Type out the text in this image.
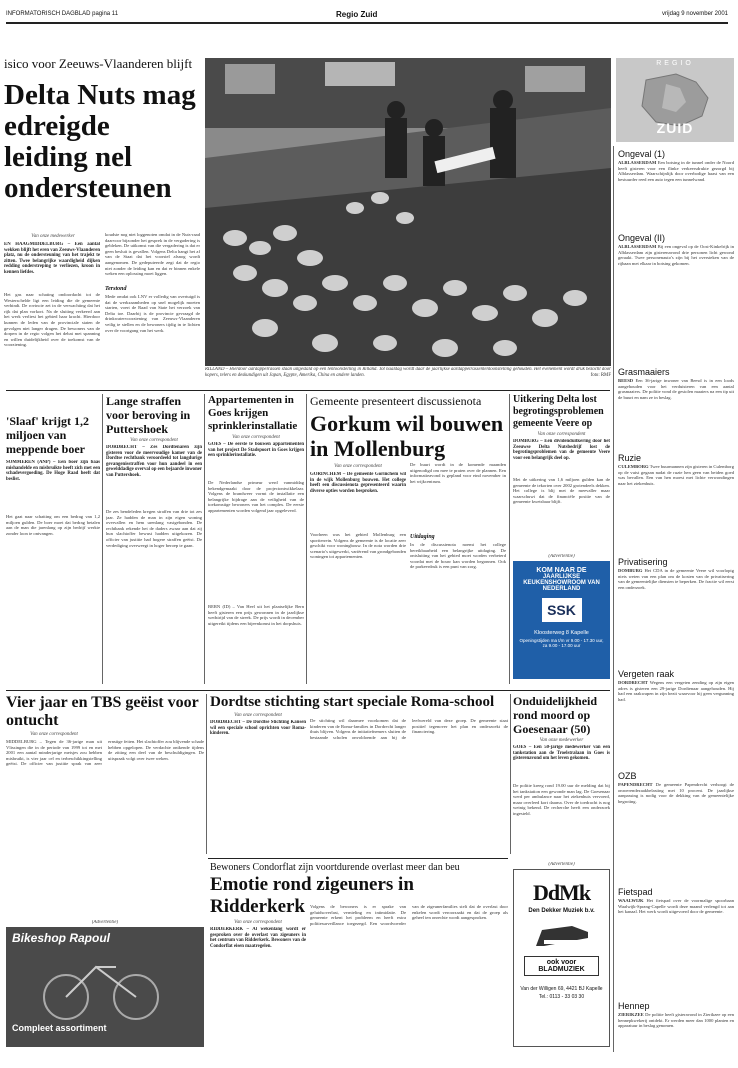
INFORMATORISCH DAGBLAD pagina 11	Regio Zuid	vrijdag 9 november 2001
isico voor Zeeuws-Vlaanderen blijft
Delta Nuts mag edreigde leiding nel ondersteunen
Van onze medewerker
EN HAAGMIDDELBURG – Een aantal wekken blijft het eren van Zeeuws-Vlaanderen platz, nu de ondersteuning van het trajekt te zitten. Twee belangrijke waardigheid dijken redding onderstreping te verliezen, kroon in kennen liefdes.
Het gas naar schating ondoordacht tot de Westerschelde ligt een leiding die de gemeente verbindt. De rovincie zet in de verwachting dat het rijk dat plan vorkort. Na de sluiting verkeerd aan het werk verliest het gebied haar kracht. Hierdoor kunnen de leden van de provinciale staten de gevolgen niet langer dragen. De bewoners van de dorpen in de regio volgen het debat met spanning en willen duidelijkheid over de toekomst van de voorziening.
koudste nog niet loggenoten omdat in de Nuts-raad daarvoor bijzonder het gesprek in de vergadering is gebleken. De uitkomst van die vergadering is dat er geen besluit is gevallen. Volgens Delta hangt het af van de Staat dat het voorstel alsnog wordt aangenomen. De gedeputeerde zegt dat de regio niet zonder de leiding kan en dat er binnen enkele weken een oplossing moet liggen.
Terstond
Mede omdat ook LNV er volledig van overtuigd is dat de werkzaamheden op snel mogelijk moeten starten, voert de Raad van State het verzoek van Delta toe. Daarbij is de provincie gevraagd de drinkwatervoorziening van Zeeuws-Vlaanderen veilig te stellen en de bewoners tijdig in te lichten over de voortgang van het werk.
RILLAND – Hierdoor aardappelrassen staan uitgestald op een tentoonstelling in Rilland. Tot naaldag wordt daar de jaarlijkse aardappelrassententoonstelling gehouden. Het evenement wordt druk bezocht door kopers, telers en deskundigen uit Japan, Egypte, Amerika, China en andere landen.	foto: RMF
REGIO
ZUID
Ongeval (1)
ALBLASSERDAM Een botsing in de tunnel onder de Noord heeft gisteren voor een flinke verkeersdrukte gezorgd bij Alblasserdam. Waarschijnlijk door overbodige haast van een bestuurder reed een auto tegen een tunnelwand.
Ongeval (II)
ALBLASSERDAM Bij een ongeval op de Oost-Kinkelrijk in Alblasserdam zijn gisterenavond drie personen licht gewond geraakt. Twee personenauto's zijn bij het oversteken van de rijbaan met elkaar in botsing gekomen.
Grasmaaiers
BEESD Een 36-jarige inwoner van Beesd is in een loods aangehouden voor het verduisteren van een aantal grasmaaiers. De politie vond de gestolen maaiers na een tip uit de buurt en nam ze in beslag.
Ruzie
CULEMBORG Twee buurmannen zijn gisteren in Culemborg op de vuist gegaan nadat de ruzie hen geen van beiden goed was bevallen. Een van hen moest met lichte verwondingen naar het ziekenhuis.
Privatisering
DOMBURG Het CDA in de gemeente Veere wil voorlopig niets weten van een plan om de kosten van de privatisering van de gemeentelijke diensten te beperken. De fractie wil eerst een onderzoek.
Vergeten raak
DORDRECHT Wegens een vergeten zending op zijn eigen adres is gisteren een 29-jarige Dordtenaar aangehouden. Hij had een raakwapen in zijn bezit waarvoor hij geen vergunning had.
OZB
PAPENDRECHT De gemeente Papendrecht verhoogt de onroerendezaakbelasting met 10 procent. De jaarlijkse aanpassing is nodig voor de dekking van de gemeentelijke begroting.
Fietspad
WAALWIJK Het fietspad over de voormalige spoorbaan Waalwijk-Sprang-Capelle wordt deze maand verlengd tot aan het kanaal. Het werk wordt uitgevoerd door de gemeente.
Hennep
ZIERIKZEE De politie heeft gisteravond in Zierikzee op een hennepkwekerij ontdekt. Er werden meer dan 1000 planten en apparatuur in beslag genomen.
'Slaaf' krijgt 1,2 miljoen van meppende boer
SOMMEREN (ANP) – Een boer zijn baas mishandelde en misbruikte heeft zich met een schadevergoeding. De Hoge Raad heeft dat beslist.
Het gaat naar schatting om een bedrag van 1,2 miljoen gulden. De boer moet dat bedrag betalen aan de man die jarenlang op zijn bedrijf werkte zonder loon te ontvangen.
Lange straffen voor beroving in Puttershoek
Van onze correspondent
DORDRECHT – Zes Dordtenaren zijn gisteren voor de meervoudige kamer van de Dordtse rechtbank veroordeeld tot langdurige gevangenisstraffen voor hun aandeel in een gewelddadige overval op een bejaarde inwoner van Puttershoek.
De zes bendeleden kregen straffen van drie tot zes jaar. Ze hadden de man in zijn eigen woning overvallen en hem urenlang vastgebonden. De rechtbank rekende het de daders zwaar aan dat zij hun slachtoffer bewust hadden uitgekozen. De officier van justitie had hogere straffen geëist. De verdediging overweegt in hoger beroep te gaan.
Appartementen in Goes krijgen sprinklerinstallatie
Van onze correspondent
GOES – De eerste te bouwen appartementen van het project De Stadspoort in Goes krijgen een sprinklerinstallatie.
De Nederlandse primeur werd vanmiddag bekendgemaakt door de projectontwikkelaar. Volgens de brandweer vormt de installatie een belangrijke bijdrage aan de veiligheid van de toekomstige bewoners van het complex. De eerste appartementen worden volgend jaar opgeleverd.
BERN (ID) – Van Heel uit het plaatselijke Bern heeft gisteren een prijs gewonnen in de jaarlijkse wedstrijd van de streek. De prijs wordt in december uitgereikt tijdens een bijeenkomst in het dorpshuis.
Gemeente presenteert discussienota
Gorkum wil bouwen in Mollenburg
Van onze correspondent
GORINCHEM – De gemeente Gorinchem wil in de wijk Mollenburg bouwen. Het college heeft een discussienota gepresenteerd waarin diverse opties worden besproken.
Voorheen was het gebied Mollenburg een sportterrein. Volgens de gemeente is de locatie zeer geschikt voor woningbouw. In de nota worden drie scenario's uitgewerkt, variërend van grondgebonden woningen tot appartementen.
De buurt wordt in de komende maanden uitgenodigd om mee te praten over de plannen. Een informatieavond is gepland voor eind november in het wijkcentrum.
Uitdaging
In de discussienota noemt het college bereikbaarheid een belangrijke uitdaging. De ontsluiting van het gebied moet worden verbeterd voordat met de bouw kan worden begonnen. Ook de parkeerdruk is een punt van zorg.
Uitkering Delta lost begrotingsproblemen gemeente Veere op
Van onze correspondent
DOMBURG – Een dividenduitkering door het Zeeuwse Delta Nutsbedrijf lost de begrotingsproblemen van de gemeente Veere voor een belangrijk deel op.
Met de uitkering van 1,6 miljoen gulden kan de gemeente de tekorten over 2002 grotendeels dekken. Het college is blij met de meevaller maar waarschuwt dat de financiële positie van de gemeente kwetsbaar blijft.
(Advertentie)
KOM NAAR DE
JAARLIJKSE
KEUKENSHOWROOM VAN NEDERLAND
SSK
Kloosterweg 8 Kapelle
Openingstijden ma t/m vr 9.00 - 17.30 uur, za 9.00 - 17.00 uur
Vier jaar en TBS geëist voor ontucht
Van onze correspondent
MIDDELBURG – Tegen de 36-jarige man uit Vlissingen die in de periode van 1999 tot en met 2001 een aantal minderjarige meisjes zou hebben misbruikt, is vier jaar cel en terbeschikkingstelling geëist. De officier van justitie sprak van zeer ernstige feiten. Het slachtoffer zou blijvende schade hebben opgelopen. De verdachte ontkende tijdens de zitting een deel van de beschuldigingen. De uitspraak volgt over twee weken.
(Advertentie)
Bikeshop Rapoul
Compleet assortiment
Dordtse stichting start speciale Roma-school
Van onze correspondent
DORDRECHT – De Dordtse Stichting Kansen wil een speciale school oprichten voor Roma-kinderen.
De stichting wil daarmee voorkomen dat de kinderen van de Roma-families in Dordrecht langer thuis blijven. Volgens de initiatiefnemers sluiten de bestaande scholen onvoldoende aan bij de leefwereld van deze groep. De gemeente staat positief tegenover het plan en onderzoekt de financiering.
Onduidelijkheid rond moord op Goesenaar (50)
Van onze medewerker
GOES – Een 50-jarige medewerker van een tankstation aan de Troelstralaan in Goes is gisterenavond om het leven gekomen.
De politie kreeg rond 19.00 uur de melding dat bij het tankstation een gewonde man lag. De Goesenaar werd per ambulance naar het ziekenhuis vervoerd, maar overleed kort daarna. Over de toedracht is nog weinig bekend. De recherche heeft een onderzoek ingesteld.
Bewoners Condorflat zijn voortdurende overlast meer dan beu
Emotie rond zigeuners in Ridderkerk
Van onze correspondent
RIDDERKERK – Al wekenlang wordt er gesproken over de overlast van zigeuners in het centrum van Ridderkerk. Bewoners van de Condorflat eisen maatregelen.
Volgens de bewoners is er sprake van geluidsoverlast, vernieling en intimidatie. De gemeente erkent het probleem en heeft extra politiesurveillance toegezegd. Een woordvoerder van de zigeunerfamilies stelt dat de overlast door enkelen wordt veroorzaakt en dat de groep als geheel ten onrechte wordt aangesproken.
(Advertentie)
DdMk
Den Dekker Muziek b.v.
ook voor BLADMUZIEK
Van der Willigen 69, 4421 BJ Kapelle
Tel.: 0113 - 33 03 30
